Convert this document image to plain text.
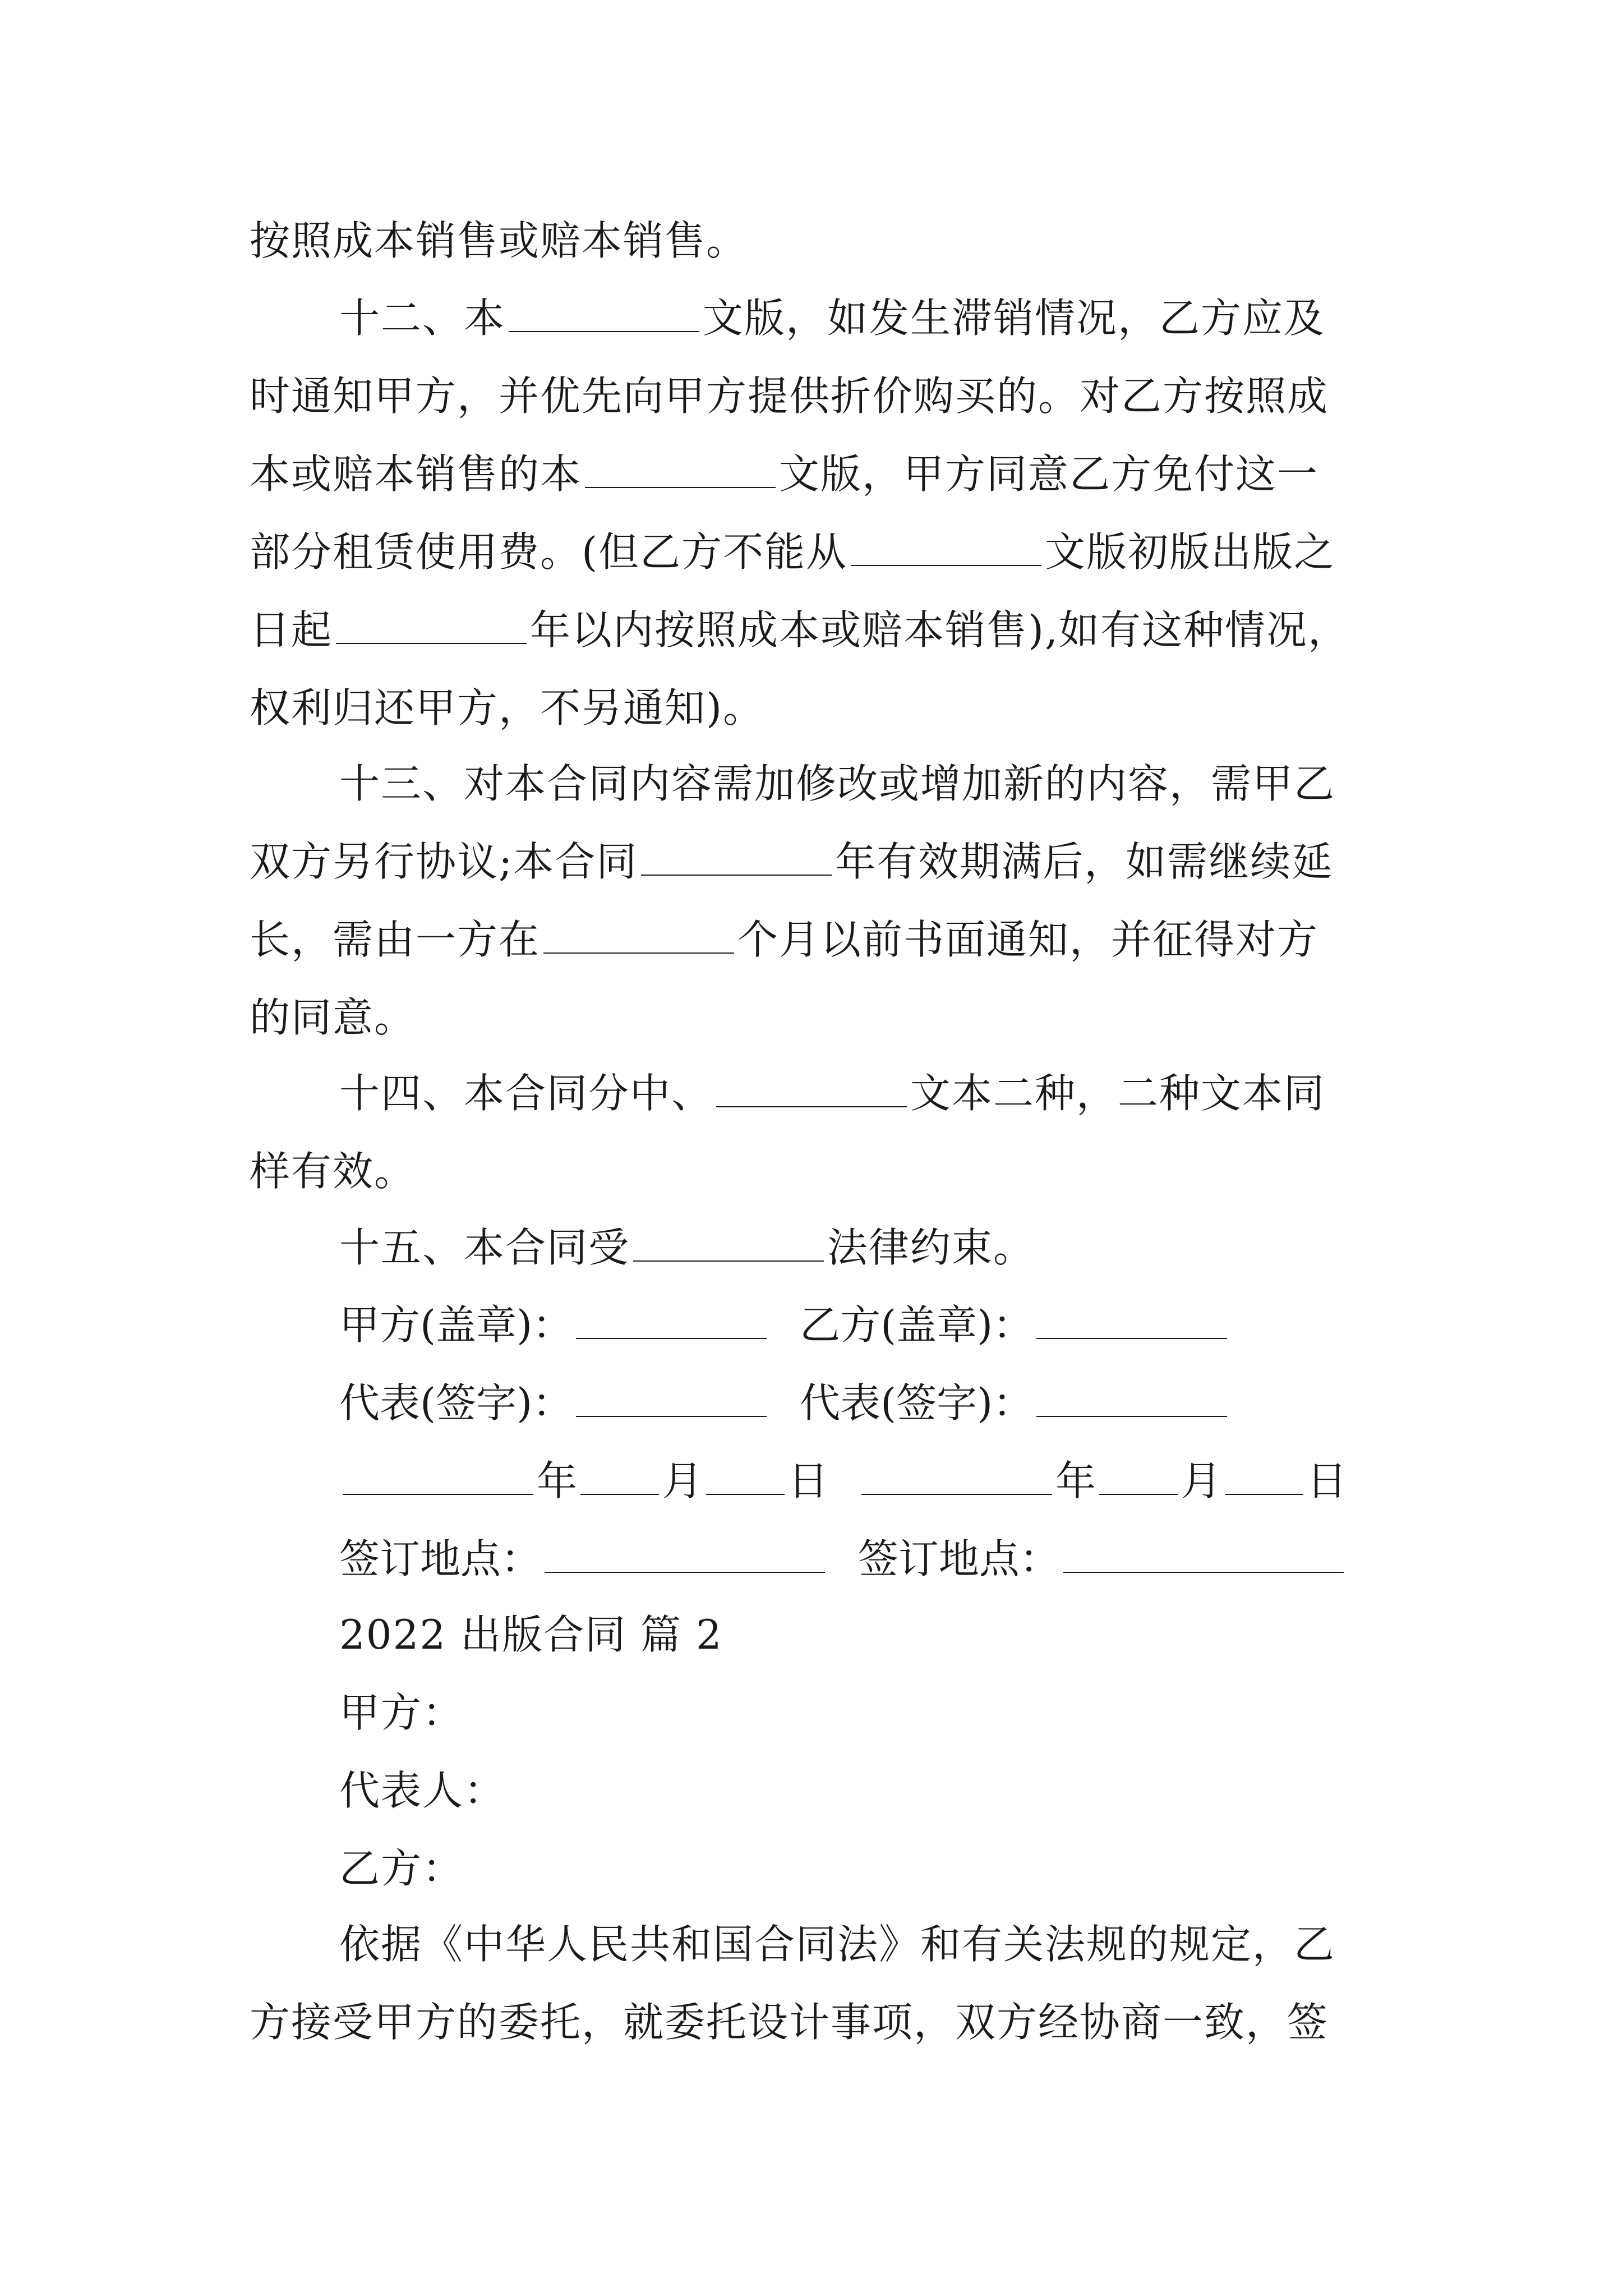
按照成本销售或赔本销售。
十二、本	文版，如发生滞销情况，乙方应及
时通知甲方，并优先向甲方提供折价购买的。对乙方按照成
本或赔本销售的本	文版，甲方同意乙方免付这一
部分租赁使用费。(但乙方不能从	文版初版出版之
日起	年以内按照成本或赔本销售),如有这种情况，
权利归还甲方，不另通知)。
十三、对本合同内容需加修改或增加新的内容，需甲乙
双方另行协议;本合同	年有效期满后，如需继续延
长，需由一方在	个月以前书面通知，并征得对方
的同意。
十四、本合同分中、	文本二种，二种文本同
样有效。
十五、本合同受	法律约束。
甲方(盖章)：	乙方(盖章)：
代表(签字)：	代表(签字)：
年 月 日	年 月 日
签订地点：	签订地点：
2022 出版合同 篇 2
甲方：
代表人：
乙方：
依据《中华人民共和国合同法》和有关法规的规定，乙
方接受甲方的委托，就委托设计事项，双方经协商一致，签
